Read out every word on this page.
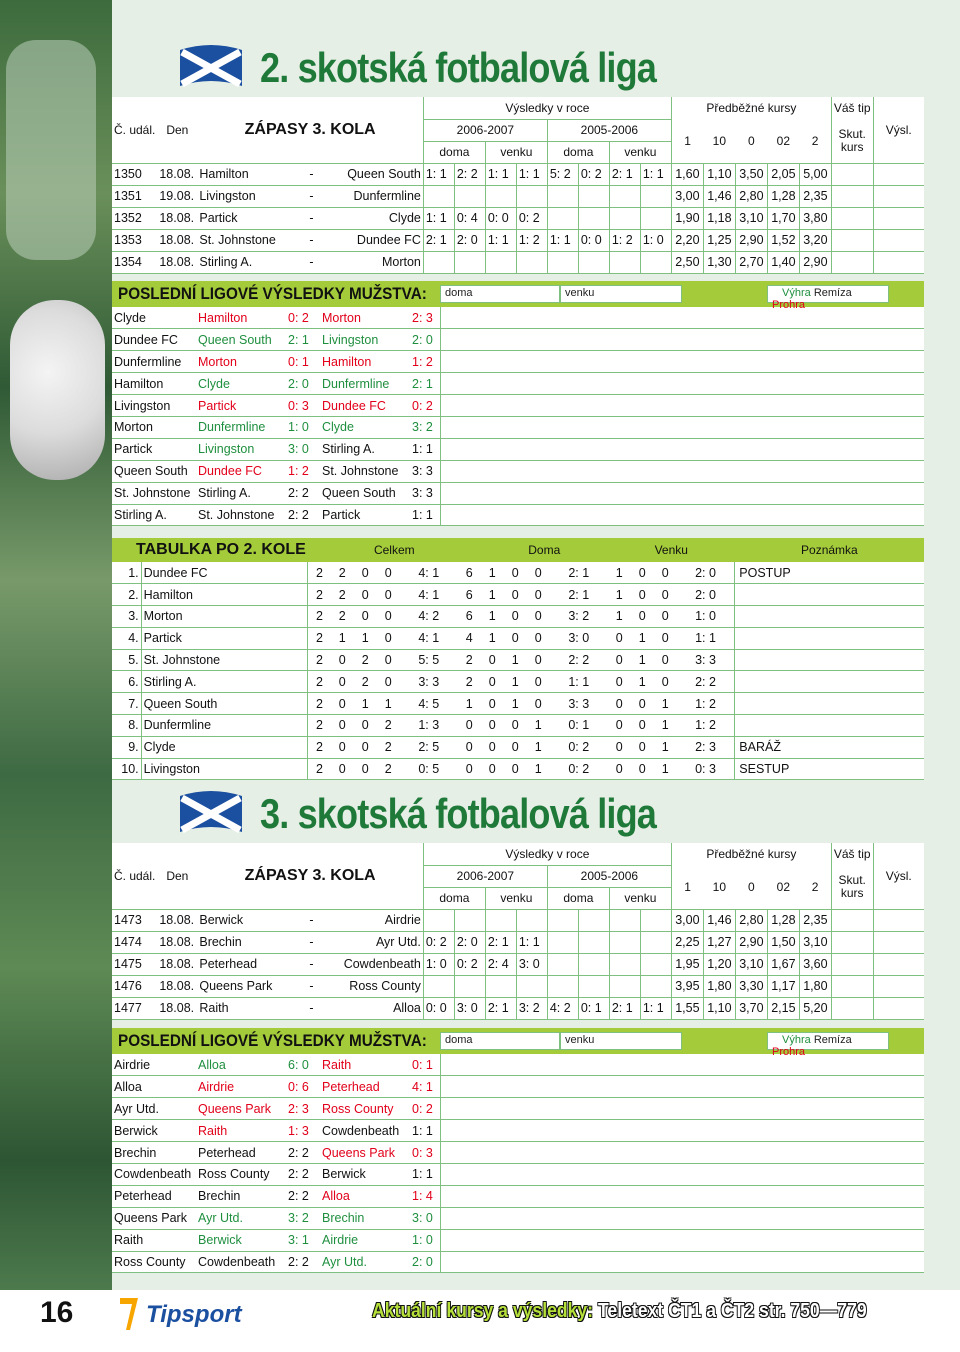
2. skotská fotbalová liga
Č. udál.	Den	ZÁPASY 3. KOLA			Výsledky v roce								Předběžné kursy					Váš tip	Výsl.
					2006-2007				2005-2006				1	10	0	02	2	Skut.
kurs	

					doma		venku		doma		venku								
1350	18.08.	Hamilton	-	Queen South	1: 1	2: 2	1: 1	1: 1	5: 2	0: 2	2: 1	1: 1	1,60	1,10	3,50	2,05	5,00		
1351	19.08.	Livingston	-	Dunfermline									3,00	1,46	2,80	1,28	2,35		
1352	18.08.	Partick	-	Clyde	1: 1	0: 4	0: 0	0: 2					1,90	1,18	3,10	1,70	3,80		
1353	18.08.	St. Johnstone	-	Dundee FC	2: 1	2: 0	1: 1	1: 2	1: 1	0: 0	1: 2	1: 0	2,20	1,25	2,90	1,52	3,20		
1354	18.08.	Stirling A.	-	Morton									2,50	1,30	2,70	1,40	2,90		
POSLEDNÍ LIGOVÉ VÝSLEDKY MUŽSTVA:	doma	venku	Výhra Remíza Prohra
Clyde	Hamilton	0: 2	Morton	2: 3	
Dundee FC	Queen South	2: 1	Livingston	2: 0	
Dunfermline	Morton	0: 1	Hamilton	1: 2	
Hamilton	Clyde	2: 0	Dunfermline	2: 1	
Livingston	Partick	0: 3	Dundee FC	0: 2	
Morton	Dunfermline	1: 0	Clyde	3: 2	
Partick	Livingston	3: 0	Stirling A.	1: 1	
Queen South	Dundee FC	1: 2	St. Johnstone	3: 3	
St. Johnstone	Stirling A.	2: 2	Queen South	3: 3	
Stirling A.	St. Johnstone	2: 2	Partick	1: 1	
TABULKA PO 2. KOLE		Celkem						Doma				Venku				Poznámka
1.	Dundee FC	2	2	0	0	4: 1	6	1	0	0	2: 1	1	0	0	2: 0	POSTUP
2.	Hamilton	2	2	0	0	4: 1	6	1	0	0	2: 1	1	0	0	2: 0	
3.	Morton	2	2	0	0	4: 2	6	1	0	0	3: 2	1	0	0	1: 0	
4.	Partick	2	1	1	0	4: 1	4	1	0	0	3: 0	0	1	0	1: 1	
5.	St. Johnstone	2	0	2	0	5: 5	2	0	1	0	2: 2	0	1	0	3: 3	
6.	Stirling A.	2	0	2	0	3: 3	2	0	1	0	1: 1	0	1	0	2: 2	
7.	Queen South	2	0	1	1	4: 5	1	0	1	0	3: 3	0	0	1	1: 2	
8.	Dunfermline	2	0	0	2	1: 3	0	0	0	1	0: 1	0	0	1	1: 2	
9.	Clyde	2	0	0	2	2: 5	0	0	0	1	0: 2	0	0	1	2: 3	BARÁŽ
10.	Livingston	2	0	0	2	0: 5	0	0	0	1	0: 2	0	0	1	0: 3	SESTUP
3. skotská fotbalová liga
Č. udál.	Den	ZÁPASY 3. KOLA			Výsledky v roce								Předběžné kursy					Váš tip	Výsl.
					2006-2007				2005-2006				1	10	0	02	2	Skut.
kurs	

					doma		venku		doma		venku								
1473	18.08.	Berwick	-	Airdrie									3,00	1,46	2,80	1,28	2,35		
1474	18.08.	Brechin	-	Ayr Utd.	0: 2	2: 0	2: 1	1: 1					2,25	1,27	2,90	1,50	3,10		
1475	18.08.	Peterhead	-	Cowdenbeath	1: 0	0: 2	2: 4	3: 0					1,95	1,20	3,10	1,67	3,60		
1476	18.08.	Queens Park	-	Ross County									3,95	1,80	3,30	1,17	1,80		
1477	18.08.	Raith	-	Alloa	0: 0	3: 0	2: 1	3: 2	4: 2	0: 1	2: 1	1: 1	1,55	1,10	3,70	2,15	5,20		
POSLEDNÍ LIGOVÉ VÝSLEDKY MUŽSTVA:	doma	venku	Výhra Remíza Prohra
Airdrie	Alloa	6: 0	Raith	0: 1	
Alloa	Airdrie	0: 6	Peterhead	4: 1	
Ayr Utd.	Queens Park	2: 3	Ross County	0: 2	
Berwick	Raith	1: 3	Cowdenbeath	1: 1	
Brechin	Peterhead	2: 2	Queens Park	0: 3	
Cowdenbeath	Ross County	2: 2	Berwick	1: 1	
Peterhead	Brechin	2: 2	Alloa	1: 4	
Queens Park	Ayr Utd.	3: 2	Brechin	3: 0	
Raith	Berwick	3: 1	Airdrie	1: 0	
Ross County	Cowdenbeath	2: 2	Ayr Utd.	2: 0	
16	Tipsport	Aktuální kursy a výsledky: Teletext ČT1 a ČT2 str. 750—779
